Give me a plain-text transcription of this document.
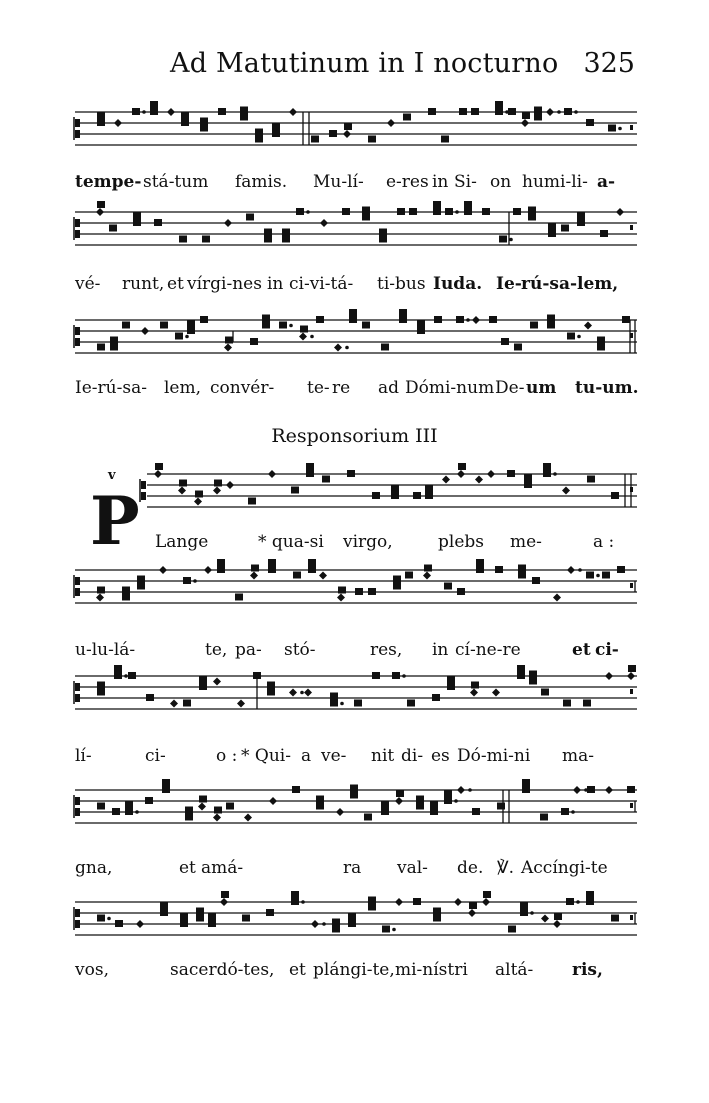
Ad Matutinum in I nocturno 325
tempe- stá-tum famis. Mu-lí- e-res in Si- on humi-li- a-
vé- runt, et vírgi-nes in ci-vi-tá- ti-bus Iuda. Ie- rú-sa-lem,
Ie-rú-sa- lem, convér- te- re ad Dómi-num De- um tu-um.
Responsorium III
v
P Lange	* qua-si virgo,	plebs me-	a :
u-lu-lá-	te, pa- stó-	res, in cí-ne-re	et ci-
lí-	ci-	o : * Qui- a ve- nit di- es Dó-mi-ni ma-
gna,	et amá-	ra val- de. ℣. Accíngi-te
vos,	sacerdó-tes, et plángi-te, mi-nístri altá- ris,
